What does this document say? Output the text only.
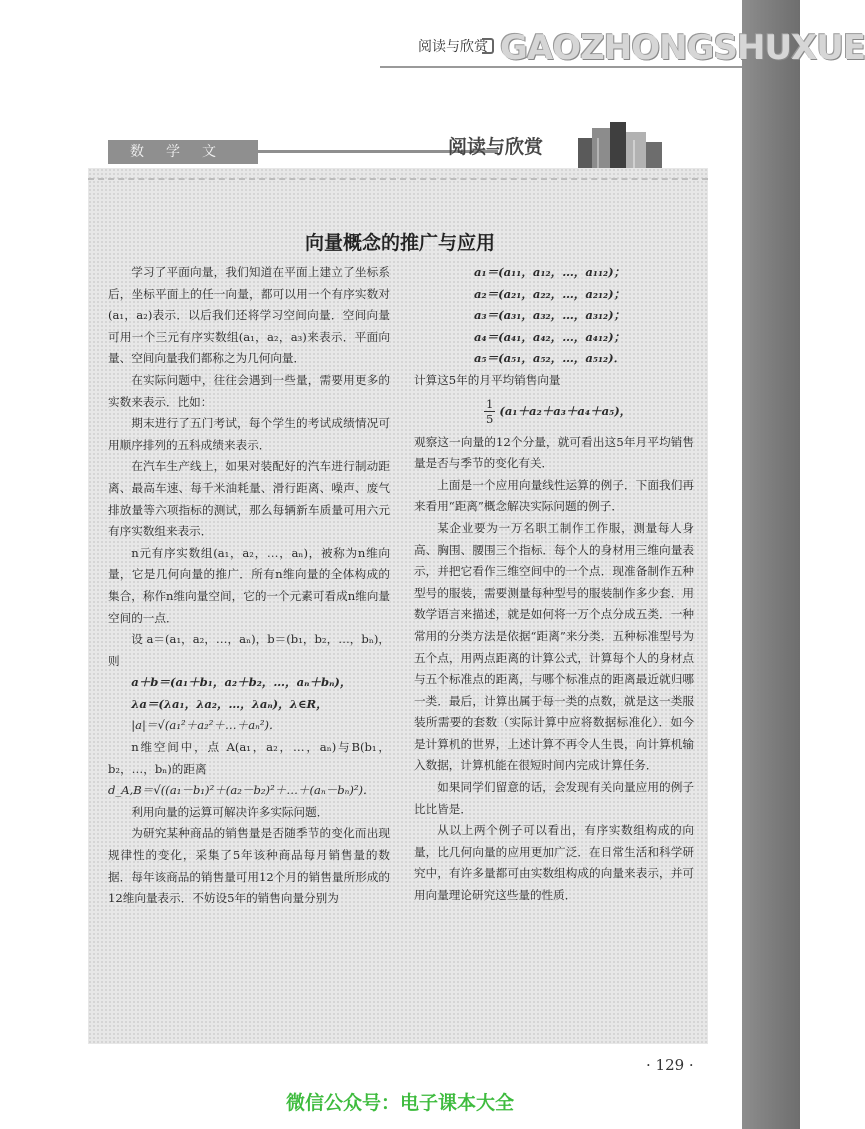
阅读与欣赏 GAOZHONGSHUXUE
数学文	阅读与欣赏
向量概念的推广与应用

学习了平面向量，我们知道在平面上建立了坐标系后，坐标平面上的任一向量，都可以用一个有序实数对(a₁，a₂)表示．以后我们还将学习空间向量．空间向量可用一个三元有序实数组(a₁，a₂，a₃)来表示．平面向量、空间向量我们都称之为几何向量．

在实际问题中，往往会遇到一些量，需要用更多的实数来表示．比如：

期末进行了五门考试，每个学生的考试成绩情况可用顺序排列的五科成绩来表示．

在汽车生产线上，如果对装配好的汽车进行制动距离、最高车速、每千米油耗量、滑行距离、噪声、废气排放量等六项指标的测试，那么每辆新车质量可用六元有序实数组来表示．

n元有序实数组(a₁，a₂，…，aₙ)，被称为n维向量，它是几何向量的推广．所有n维向量的全体构成的集合，称作n维向量空间，它的一个元素可看成n维向量空间的一点．

设 a＝(a₁，a₂，…，aₙ)，b＝(b₁，b₂，…，bₙ)，则

a＋b＝(a₁＋b₁，a₂＋b₂，…，aₙ＋bₙ)，

λa＝(λa₁，λa₂，…，λaₙ)，λ∈R，

|a|＝√(a₁²＋a₂²＋…＋aₙ²)．

n维空间中，点 A(a₁，a₂，…，aₙ)与B(b₁，b₂，…，bₙ)的距离

d_A,B＝√((a₁－b₁)²＋(a₂－b₂)²＋…＋(aₙ－bₙ)²)．

利用向量的运算可解决许多实际问题．

为研究某种商品的销售量是否随季节的变化而出现规律性的变化，采集了5年该种商品每月销售量的数据．每年该商品的销售量可用12个月的销售量所形成的12维向量表示．不妨设5年的销售向量分别为

a₁＝(a₁₁，a₁₂，…，a₁₁₂)；

a₂＝(a₂₁，a₂₂，…，a₂₁₂)；

a₃＝(a₃₁，a₃₂，…，a₃₁₂)；

a₄＝(a₄₁，a₄₂，…，a₄₁₂)；

a₅＝(a₅₁，a₅₂，…，a₅₁₂)．

计算这5年的月平均销售向量

$\frac{1}{5} (a_1+a_2+a_3+a_4+a_5)$，

观察这一向量的12个分量，就可看出这5年月平均销售量是否与季节的变化有关．

上面是一个应用向量线性运算的例子．下面我们再来看用“距离”概念解决实际问题的例子．

某企业要为一万名职工制作工作服，测量每人身高、胸围、腰围三个指标．每个人的身材用三维向量表示，并把它看作三维空间中的一个点．现准备制作五种型号的服装，需要测量每种型号的服装制作多少套．用数学语言来描述，就是如何将一万个点分成五类．一种常用的分类方法是依据“距离”来分类．五种标准型号为五个点，用两点距离的计算公式，计算每个人的身材点与五个标准点的距离，与哪个标准点的距离最近就归哪一类．最后，计算出属于每一类的点数，就是这一类服装所需要的套数（实际计算中应将数据标准化）．如今是计算机的世界，上述计算不再令人生畏，向计算机输入数据，计算机能在很短时间内完成计算任务．

如果同学们留意的话，会发现有关向量应用的例子比比皆是．

从以上两个例子可以看出，有序实数组构成的向量，比几何向量的应用更加广泛．在日常生活和科学研究中，有许多量都可由实数组构成的向量来表示，并可用向量理论研究这些量的性质．

· 129 ·
微信公众号：电子课本大全
